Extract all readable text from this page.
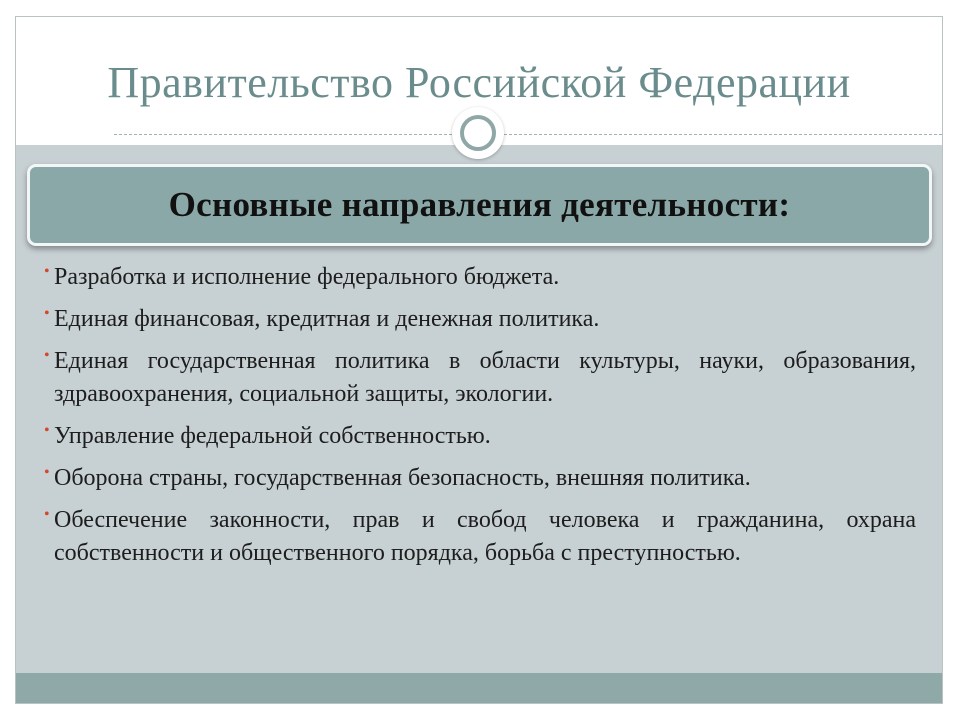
Правительство Российской Федерации
Основные направления деятельности:
• Разработка и исполнение федерального бюджета.
• Единая финансовая, кредитная и денежная политика.
• Единая государственная политика в области культуры, науки, образования, здравоохранения, социальной защиты, экологии.
• Управление федеральной собственностью.
• Оборона страны, государственная безопасность, внешняя политика.
• Обеспечение законности, прав и свобод человека и гражданина, охрана собственности и общественного порядка, борьба с преступностью.
